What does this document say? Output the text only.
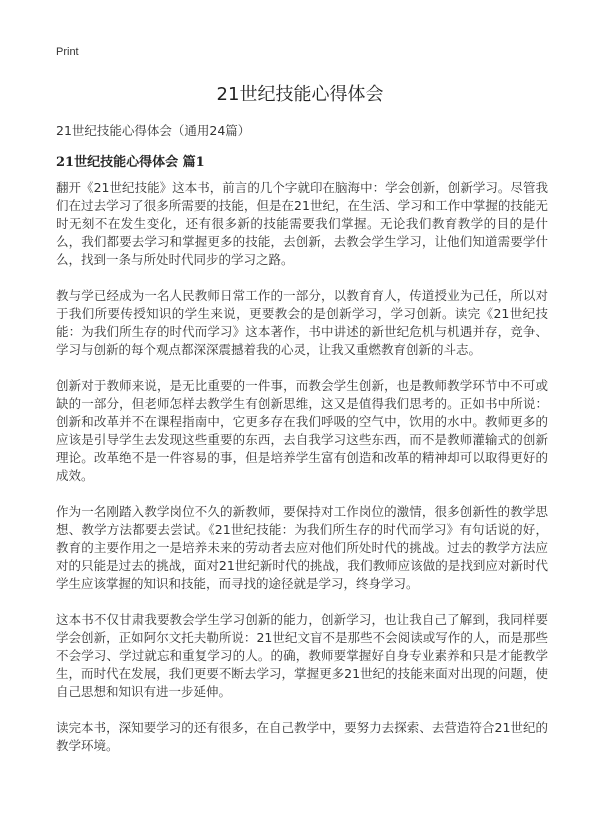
Print
21世纪技能心得体会
21世纪技能心得体会（通用24篇）
21世纪技能心得体会 篇1

翻开《21世纪技能》这本书，前言的几个字就印在脑海中：学会创新，创新学习。尽管我们在过去学习了很多所需要的技能，但是在21世纪，在生活、学习和工作中掌握的技能无时无刻不在发生变化，还有很多新的技能需要我们掌握。无论我们教育教学的目的是什么，我们都要去学习和掌握更多的技能，去创新，去教会学生学习，让他们知道需要学什么，找到一条与所处时代同步的学习之路。

教与学已经成为一名人民教师日常工作的一部分，以教育育人，传道授业为己任，所以对于我们所要传授知识的学生来说，更要教会的是创新学习，学习创新。读完《21世纪技能：为我们所生存的时代而学习》这本著作，书中讲述的新世纪危机与机遇并存，竞争、学习与创新的每个观点都深深震撼着我的心灵，让我又重燃教育创新的斗志。

创新对于教师来说，是无比重要的一件事，而教会学生创新，也是教师教学环节中不可或缺的一部分，但老师怎样去教学生有创新思维，这又是值得我们思考的。正如书中所说：创新和改革并不在课程指南中，它更多存在我们呼吸的空气中，饮用的水中。教师更多的应该是引导学生去发现这些重要的东西，去自我学习这些东西，而不是教师灌输式的创新理论。改革绝不是一件容易的事，但是培养学生富有创造和改革的精神却可以取得更好的成效。

作为一名刚踏入教学岗位不久的新教师，要保持对工作岗位的激情，很多创新性的教学思想、教学方法都要去尝试。《21世纪技能：为我们所生存的时代而学习》有句话说的好，教育的主要作用之一是培养未来的劳动者去应对他们所处时代的挑战。过去的教学方法应对的只能是过去的挑战，面对21世纪新时代的挑战，我们教师应该做的是找到应对新时代学生应该掌握的知识和技能，而寻找的途径就是学习，终身学习。

这本书不仅甘肃我要教会学生学习创新的能力，创新学习，也让我自己了解到，我同样要学会创新，正如阿尔文托夫勒所说：21世纪文盲不是那些不会阅读或写作的人，而是那些不会学习、学过就忘和重复学习的人。的确，教师要掌握好自身专业素养和只是才能教学生，而时代在发展，我们更要不断去学习，掌握更多21世纪的技能来面对出现的问题，使自己思想和知识有进一步延伸。

读完本书，深知要学习的还有很多，在自己教学中，要努力去探索、去营造符合21世纪的教学环境。
